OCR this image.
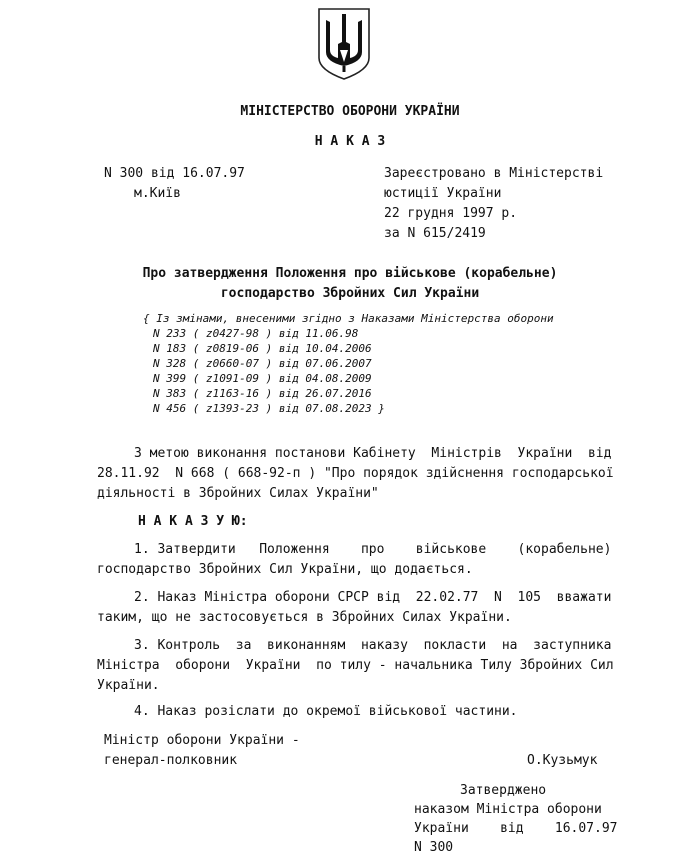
МІНІСТЕРСТВО ОБОРОНИ УКРАЇНИ
Н А К А З
N 300 від 16.07.97
м.Київ
Зареєстровано в Міністерстві
юстиції України
22 грудня 1997 р.
за N 615/2419
Про затвердження Положення про військове (корабельне)
господарство Збройних Сил України
{ Із змінами, внесеними згідно з Наказами Міністерства оборони
N 233 ( z0427-98 ) від 11.06.98
N 183 ( z0819-06 ) від 10.04.2006
N 328 ( z0660-07 ) від 07.06.2007
N 399 ( z1091-09 ) від 04.08.2009
N 383 ( z1163-16 ) від 26.07.2016
N 456 ( z1393-23 ) від 07.08.2023 }
З метою виконання постанови Кабінету  Міністрів  України  від
28.11.92  N 668 ( 668-92-п ) "Про порядок здійснення господарської
діяльності в Збройних Силах України"
Н А К А З У Ю:
1. Затвердити   Положення    про    військове    (корабельне)
господарство Збройних Сил України, що додається.
2. Наказ Міністра оборони СРСР від  22.02.77  N  105  вважати
таким, що не застосовується в Збройних Силах України.
3. Контроль  за  виконанням  наказу  покласти  на  заступника
Міністра  оборони  України  по тилу - начальника Тилу Збройних Сил
України.
4. Наказ розіслати до окремої військової частини.
Міністр оборони України -
генерал-полковник	О.Кузьмук
Затверджено
наказом Міністра оборони
України    від    16.07.97
N 300
